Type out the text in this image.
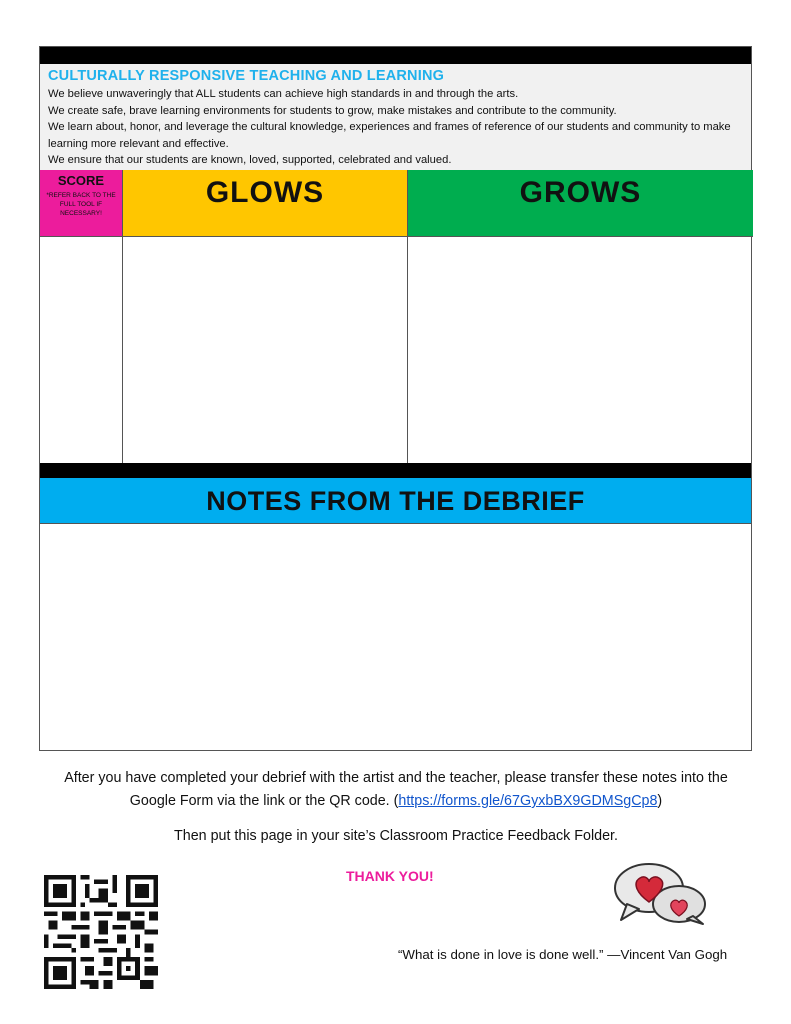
CULTURALLY RESPONSIVE TEACHING AND LEARNING

We believe unwaveringly that ALL students can achieve high standards in and through the arts.

We create safe, brave learning environments for students to grow, make mistakes and contribute to the community.

We learn about, honor, and leverage the cultural knowledge, experiences and frames of reference of our students and community to make

learning more relevant and effective.

We ensure that our students are known, loved, supported, celebrated and valued.

SCORE
*REFER BACK TO THE FULL TOOL IF NECESSARY!
GLOWS	GROWS
NOTES FROM THE DEBRIEF
After you have completed your debrief with the artist and the teacher, please transfer these notes into the Google Form via the link or the QR code. (https://forms.gle/67GyxbBX9GDMSgCp8)
Then put this page in your site’s Classroom Practice Feedback Folder.
THANK YOU!
“What is done in love is done well.” —Vincent Van Gogh
